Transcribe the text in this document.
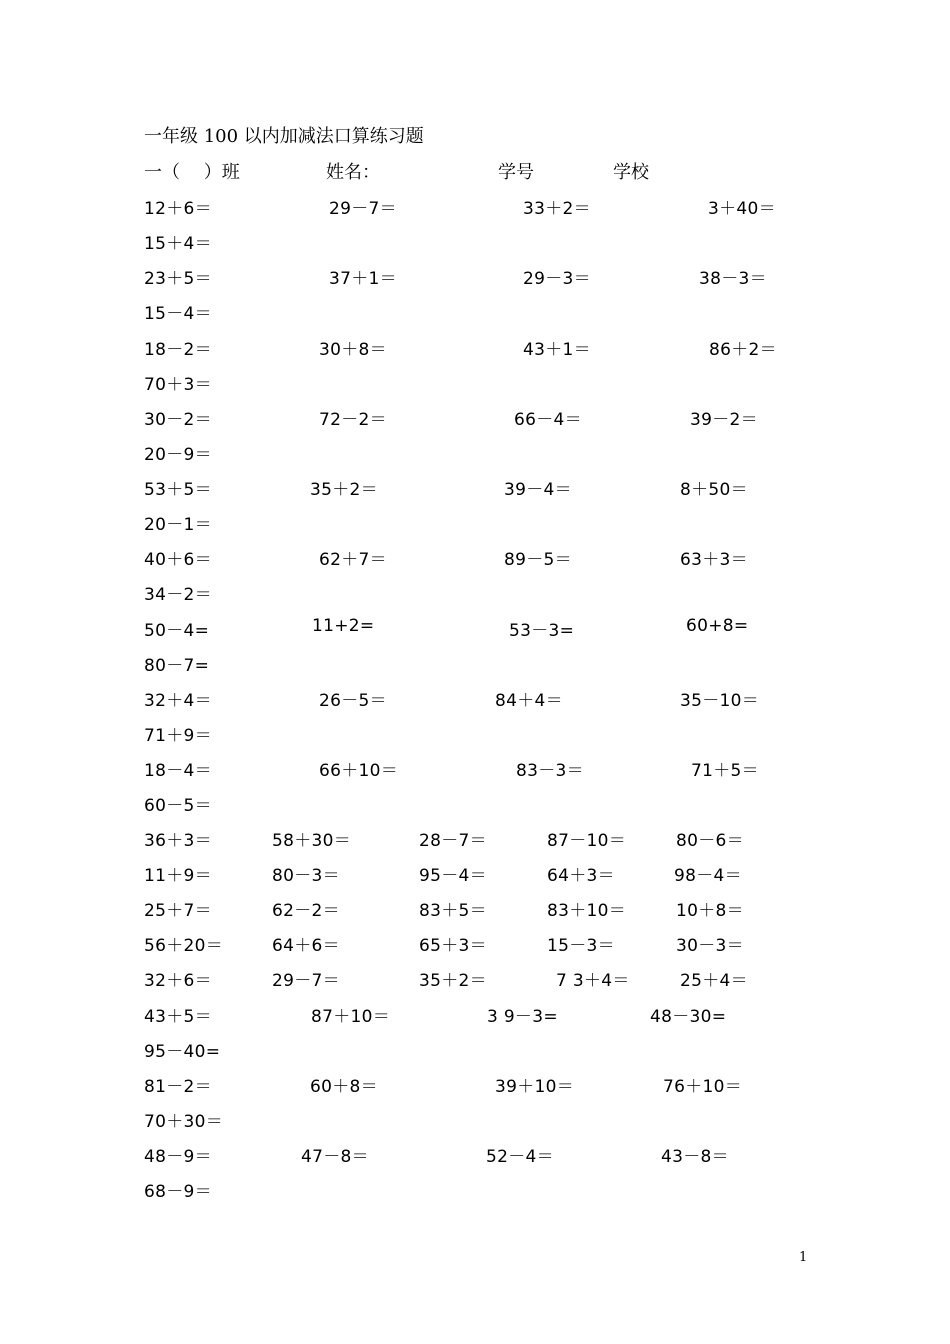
一年级 100 以内加减法口算练习题
一（　 ）班	姓名：	学号	学校
12＋6＝	29－7＝	33＋2＝	3＋40＝
15＋4＝
23＋5＝	37＋1＝	29－3＝	38－3＝
15－4＝
18－2＝	30＋8＝	43＋1＝	86＋2＝
70＋3＝
30－2＝	72－2＝	66－4＝	39－2＝
20－9＝
53＋5＝	35＋2＝	39－4＝	8＋50＝
20－1＝
40＋6＝	62＋7＝	89－5＝	63＋3＝
34－2＝
50－4=	11+2=	53－3=	60+8=
80－7=
32＋4＝	26－5＝	84＋4＝	35－10＝
71＋9＝
18－4＝	66＋10＝	83－3＝	71＋5＝
60－5＝
36＋3＝	58＋30＝	28－7＝	87－10＝	80－6＝
11＋9＝	80－3＝	95－4＝	64＋3＝	98－4＝
25＋7＝	62－2＝	83＋5＝	83＋10＝	10＋8＝
56＋20＝	64＋6＝	65＋3＝	15－3＝	30－3＝
32＋6＝	29－7＝	35＋2＝	7 3＋4＝	25＋4＝
43＋5＝	87＋10＝	3 9－3=	48－30=
95－40=
81－2＝	60＋8＝	39＋10＝	76＋10＝
70＋30＝
48－9＝	47－8＝	52－4＝	43－8＝
68－9＝
1
